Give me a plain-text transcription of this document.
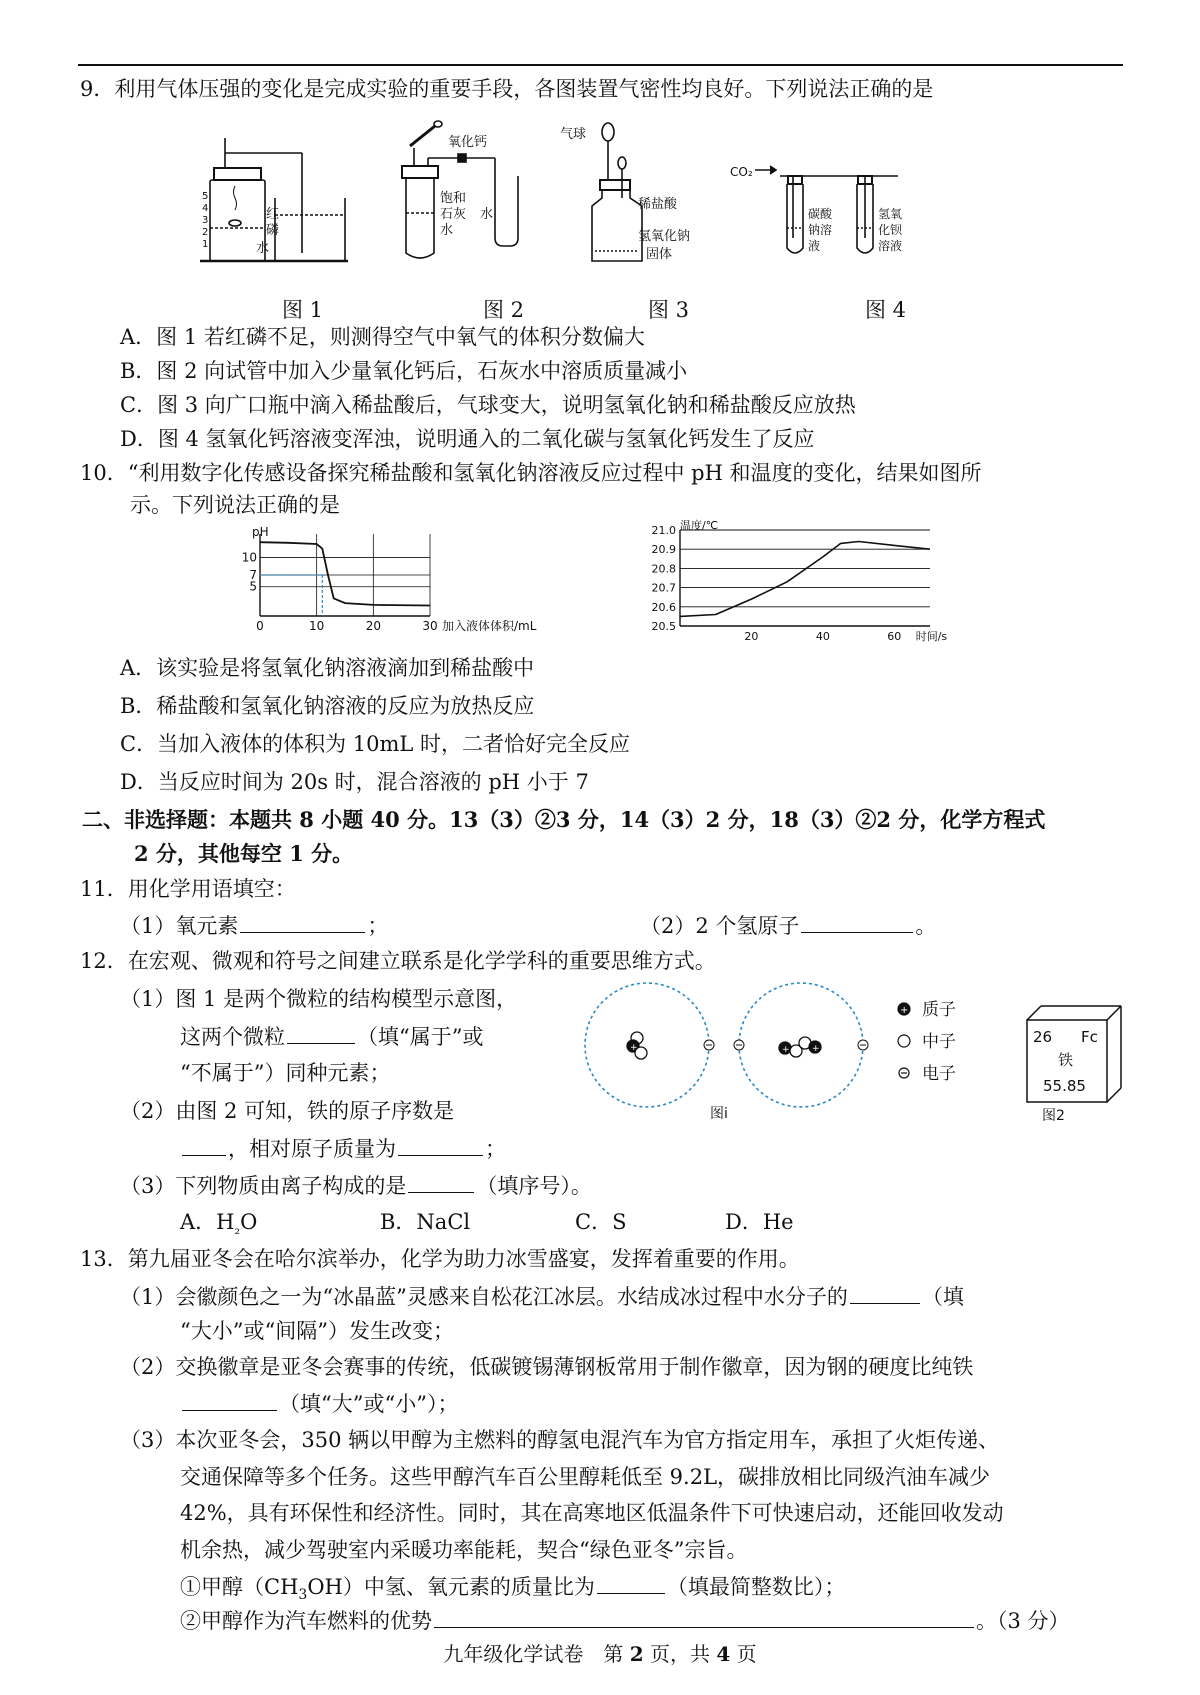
9．利用气体压强的变化是完成实验的重要手段，各图装置气密性均良好。下列说法正确的是
5
4
3
2
1
红
磷
水
氧化钙
饱和
石灰
水
水
气球
稀盐酸
氢氧化钠
固体
CO₂
碳酸
钠溶
液
氢氧
化钡
溶液
图 1	图 2	图 3	图 4
A．图 1 若红磷不足，则测得空气中氧气的体积分数偏大
B．图 2 向试管中加入少量氧化钙后，石灰水中溶质质量减小
C．图 3 向广口瓶中滴入稀盐酸后，气球变大，说明氢氧化钠和稀盐酸反应放热
D．图 4 氢氧化钙溶液变浑浊，说明通入的二氧化碳与氢氧化钙发生了反应
10．“利用数字化传感设备探究稀盐酸和氢氧化钠溶液反应过程中 pH 和温度的变化，结果如图所
示。下列说法正确的是
pH
10
7
5
0	10	20	30 加入液体体积/mL
温度/℃
21.0
20.9
20.8
20.7
20.6
20.5
20	40	60 时间/s
A．该实验是将氢氧化钠溶液滴加到稀盐酸中
B．稀盐酸和氢氧化钠溶液的反应为放热反应
C．当加入液体的体积为 10mL 时，二者恰好完全反应
D．当反应时间为 20s 时，混合溶液的 pH 小于 7
二、非选择题：本题共 8 小题 40 分。13（3）②3 分，14（3）2 分，18（3）②2 分，化学方程式
2 分，其他每空 1 分。
11．用化学用语填空：
（1）氧元素	；	（2）2 个氢原子	。
12．在宏观、微观和符号之间建立联系是化学学科的重要思维方式。
（1）图 1 是两个微粒的结构模型示意图，
这两个微粒	（填“属于”或
“不属于”）同种元素；
（2）由图 2 可知，铁的原子序数是
，相对原子质量为	；
（3）下列物质由离子构成的是	（填序号）。
A．$H_{_2}O$	B．NaCl	C．S	D．He
+	+ +
+ 质子
中子
电子
图i	图2
26 Fc
铁
55.85
13．第九届亚冬会在哈尔滨举办，化学为助力冰雪盛宴，发挥着重要的作用。
（1）会徽颜色之一为“冰晶蓝”灵感来自松花江冰层。水结成冰过程中水分子的	（填
“大小”或“间隔”）发生改变；
（2）交换徽章是亚冬会赛事的传统，低碳镀锡薄钢板常用于制作徽章，因为钢的硬度比纯铁
（填“大”或“小”）；
（3）本次亚冬会，350 辆以甲醇为主燃料的醇氢电混汽车为官方指定用车，承担了火炬传递、
交通保障等多个任务。这些甲醇汽车百公里醇耗低至 9.2L，碳排放相比同级汽油车减少
42%，具有环保性和经济性。同时，其在高寒地区低温条件下可快速启动，还能回收发动
机余热，减少驾驶室内采暖功率能耗，契合“绿色亚冬”宗旨。
①甲醇$(CH_3OH)$中氢、氧元素的质量比为	（填最简整数比）；
②甲醇作为汽车燃料的优势	。（3 分）
九年级化学试卷　第 2 页，共 4 页
